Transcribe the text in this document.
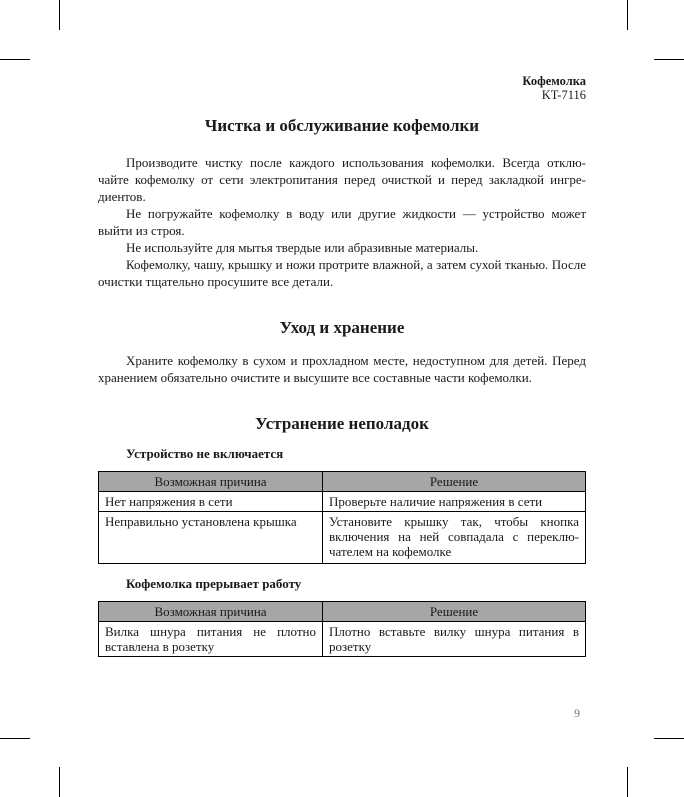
Кофемолка
KT-7116
Чистка и обслуживание кофемолки

Производите чистку после каждого использования кофемолки. Всегда отклю-чайте кофемолку от сети электропитания перед очисткой и перед закладкой ингре-диентов.

Не погружайте кофемолку в воду или другие жидкости — устройство может выйти из строя.

Не используйте для мытья твердые или абразивные материалы.

Кофемолку, чашу, крышку и ножи протрите влажной, а затем сухой тканью. После очистки тщательно просушите все детали.

Уход и хранение

Храните кофемолку в сухом и прохладном месте, недоступном для детей. Перед хранением обязательно очистите и высушите все составные части кофемолки.

Устранение неполадок
Устройство не включается
Возможная причина	Решение
Нет напряжения в сети	Проверьте наличие напряжения в сети
Неправильно установлена крышка	Установите крышку так, чтобы кнопка включения на ней совпадала с переклю-чателем на кофемолке
Кофемолка прерывает работу
Возможная причина	Решение
Вилка шнура питания не плотно вставлена в розетку	Плотно вставьте вилку шнура питания в розетку
9
